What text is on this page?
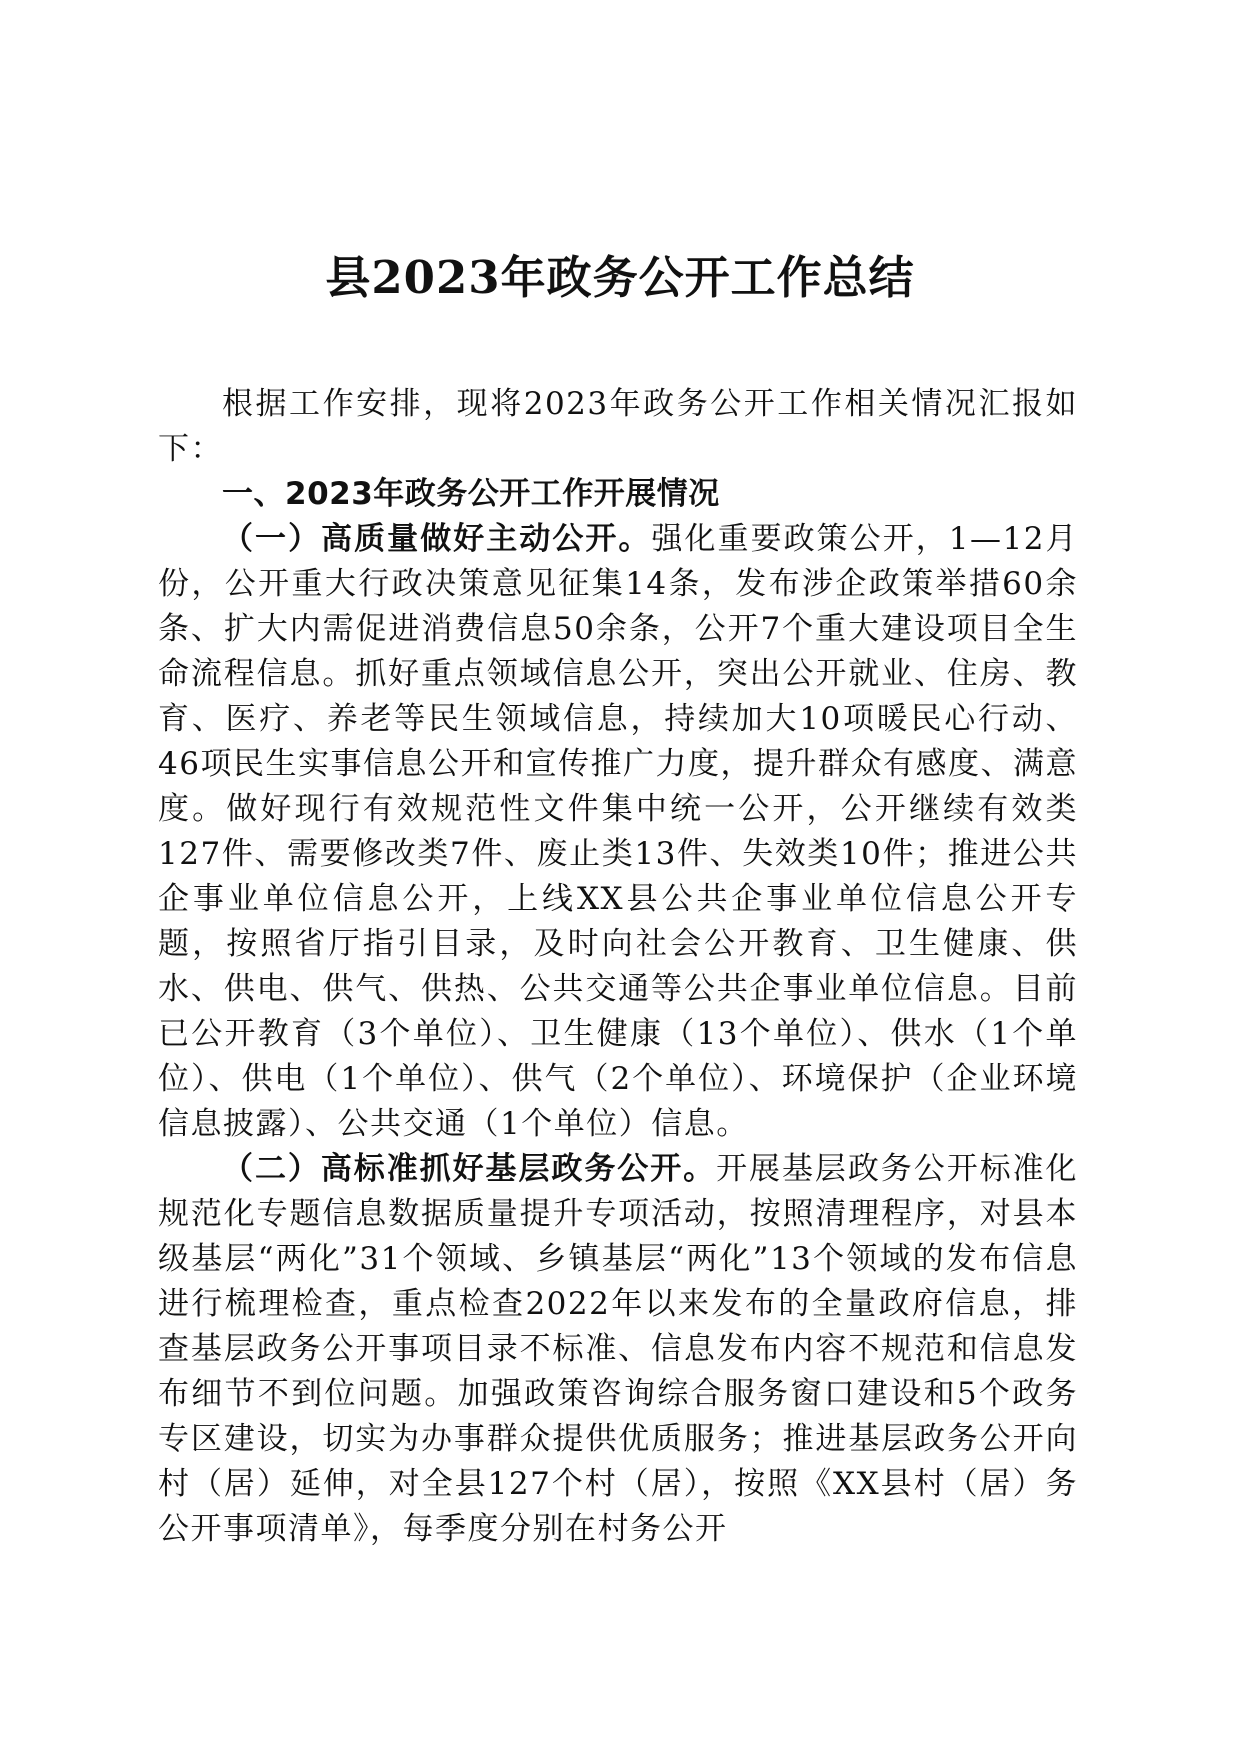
县2023年政务公开工作总结

根据工作安排，现将2023年政务公开工作相关情况汇报如下：

一、2023年政务公开工作开展情况

（一）高质量做好主动公开。强化重要政策公开，1—12月份，公开重大行政决策意见征集14条，发布涉企政策举措60余条、扩大内需促进消费信息50余条，公开7个重大建设项目全生命流程信息。抓好重点领域信息公开，突出公开就业、住房、教育、医疗、养老等民生领域信息，持续加大10项暖民心行动、46项民生实事信息公开和宣传推广力度，提升群众有感度、满意度。做好现行有效规范性文件集中统一公开，公开继续有效类127件、需要修改类7件、废止类13件、失效类10件；推进公共企事业单位信息公开，上线XX县公共企事业单位信息公开专题，按照省厅指引目录，及时向社会公开教育、卫生健康、供水、供电、供气、供热、公共交通等公共企事业单位信息。目前已公开教育（3个单位）、卫生健康（13个单位）、供水（1个单位）、供电（1个单位）、供气（2个单位）、环境保护（企业环境信息披露）、公共交通（1个单位）信息。

（二）高标准抓好基层政务公开。开展基层政务公开标准化规范化专题信息数据质量提升专项活动，按照清理程序，对县本级基层“两化”31个领域、乡镇基层“两化”13个领域的发布信息进行梳理检查，重点检查2022年以来发布的全量政府信息，排查基层政务公开事项目录不标准、信息发布内容不规范和信息发布细节不到位问题。加强政策咨询综合服务窗口建设和5个政务专区建设，切实为办事群众提供优质服务；推进基层政务公开向村（居）延伸，对全县127个村（居），按照《XX县村（居）务公开事项清单》，每季度分别在村务公开
